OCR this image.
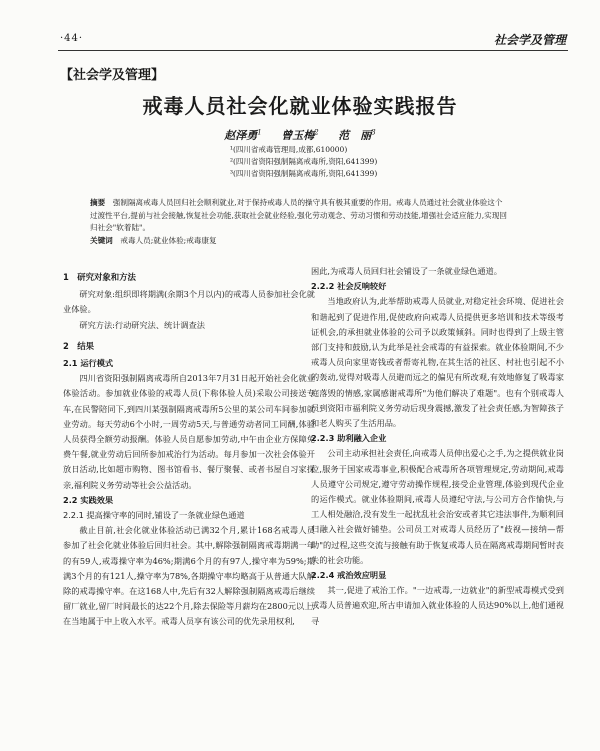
·44·	社会学及管理
【社会学及管理】
戒毒人员社会化就业体验实践报告
赵泽勇$^1$ 曾玉梅$^2$ 范　丽$^3$
¹(四川省戒毒管理局,成都,610000)
²(四川省资阳强制隔离戒毒所,资阳,641399)
³(四川省资阳强制隔离戒毒所,资阳,641399)
摘要　 强制隔离戒毒人员回归社会顺利就业,对于保持戒毒人员的操守具有极其重要的作用。戒毒人员通过社会就业体验这个过渡性平台,提前与社会接触,恢复社会功能,获取社会就业经验,强化劳动观念、劳动习惯和劳动技能,增强社会适应能力,实现回归社会"软着陆"。
关键词　 戒毒人员;就业体验;戒毒康复
1　研究对象和方法

研究对象:组织即将期满(余期3个月以内)的戒毒人员参加社会化就业体验。

研究方法:行动研究法、统计调查法

2　结果
2.1 运行模式

四川省资阳强制隔离戒毒所自2013年7月31日起开始社会化就业体验活动。参加就业体验的戒毒人员(下称体验人员)采取公司接送专车,在民警陪同下,到四川某强制隔离戒毒所5公里的某公司车间参加就业劳动。每天劳动6个小时,一周劳动5天,与普通劳动者同工同酬,体验人员获得全额劳动报酬。体验人员自愿参加劳动,中午由企业方保障免费午餐,就业劳动后回所参加戒治行为活动。每月参加一次社会体验开放日活动,比如超市购物、图书馆看书、餐厅聚餐、或者书屋自习家探亲,福利院义务劳动等社会公益活动。

2.2 实践效果
2.2.1 提高操守率的同时,铺设了一条就业绿色通道

截止目前,社会化就业体验活动已满32个月,累计168名戒毒人员参加了社会化就业体验后回归社会。其中,解除强制隔离戒毒期满一年的有59人,戒毒操守率为46%;期满6个月的有97人,操守率为59%;期满3个月的有121人,操守率为78%,各期操守率均略高于从普通大队解除的戒毒操守率。在这168人中,先后有32人解除强制隔离戒毒后继续留厂就业,留厂时间最长的达22个月,除去保险等月薪均在2800元以上,在当地属于中上收入水平。戒毒人员享有该公司的优先录用权利,

困此,为戒毒人员回归社会铺设了一条就业绿色通道。

2.2.2 社会反响较好

当地政府认为,此举帮助戒毒人员就业,对稳定社会环境、促进社会和谐起到了促进作用,促使政府向戒毒人员提供更多培训和技术等级考证机会,的承担就业体验的公司予以政策倾斜。同时也得到了上级主管部门支持和鼓励,认为此举是社会戒毒的有益探索。就业体验期间,不少戒毒人员向家里寄钱或者帮寄礼物,在其生活的社区、村社也引起不小的轰动,觉得对吸毒人员避而远之的偏见有所改观,有效地修复了吸毒家庭落毁的情感,家属感谢戒毒所"为他们解决了难题"。也有个别戒毒人员到资阳市福利院义务劳动后现身震撼,激发了社会责任感,为智障孩子和老人购买了生活用品。

2.2.3 助利融入企业

公司主动承担社会责任,向戒毒人员伸出爱心之手,为之提供就业岗位,服务于国家戒毒事业,积极配合戒毒所各项管理规定,劳动期间,戒毒人员遵守公司规定,遵守劳动操作规程,接受企业管理,体验到现代企业的运作模式。就业体验期间,戒毒人员遵纪守法,与公司方合作愉快,与工人相处融洽,没有发生一起扰乱社会治安或者其它违法事件,为顺利回归融入社会做好铺垫。公司员工对戒毒人员经历了"歧视—接纳—帮助"的过程,这些交流与接触有助于恢复戒毒人员在隔离戒毒期间暂时丧失的社会功能。

2.2.4 戒治效应明显

其一,促进了戒治工作。"一边戒毒,一边就业"的新型戒毒模式受到戒毒人员普遍欢迎,所古申请加入就业体验的人员达90%以上,他们通视寻
